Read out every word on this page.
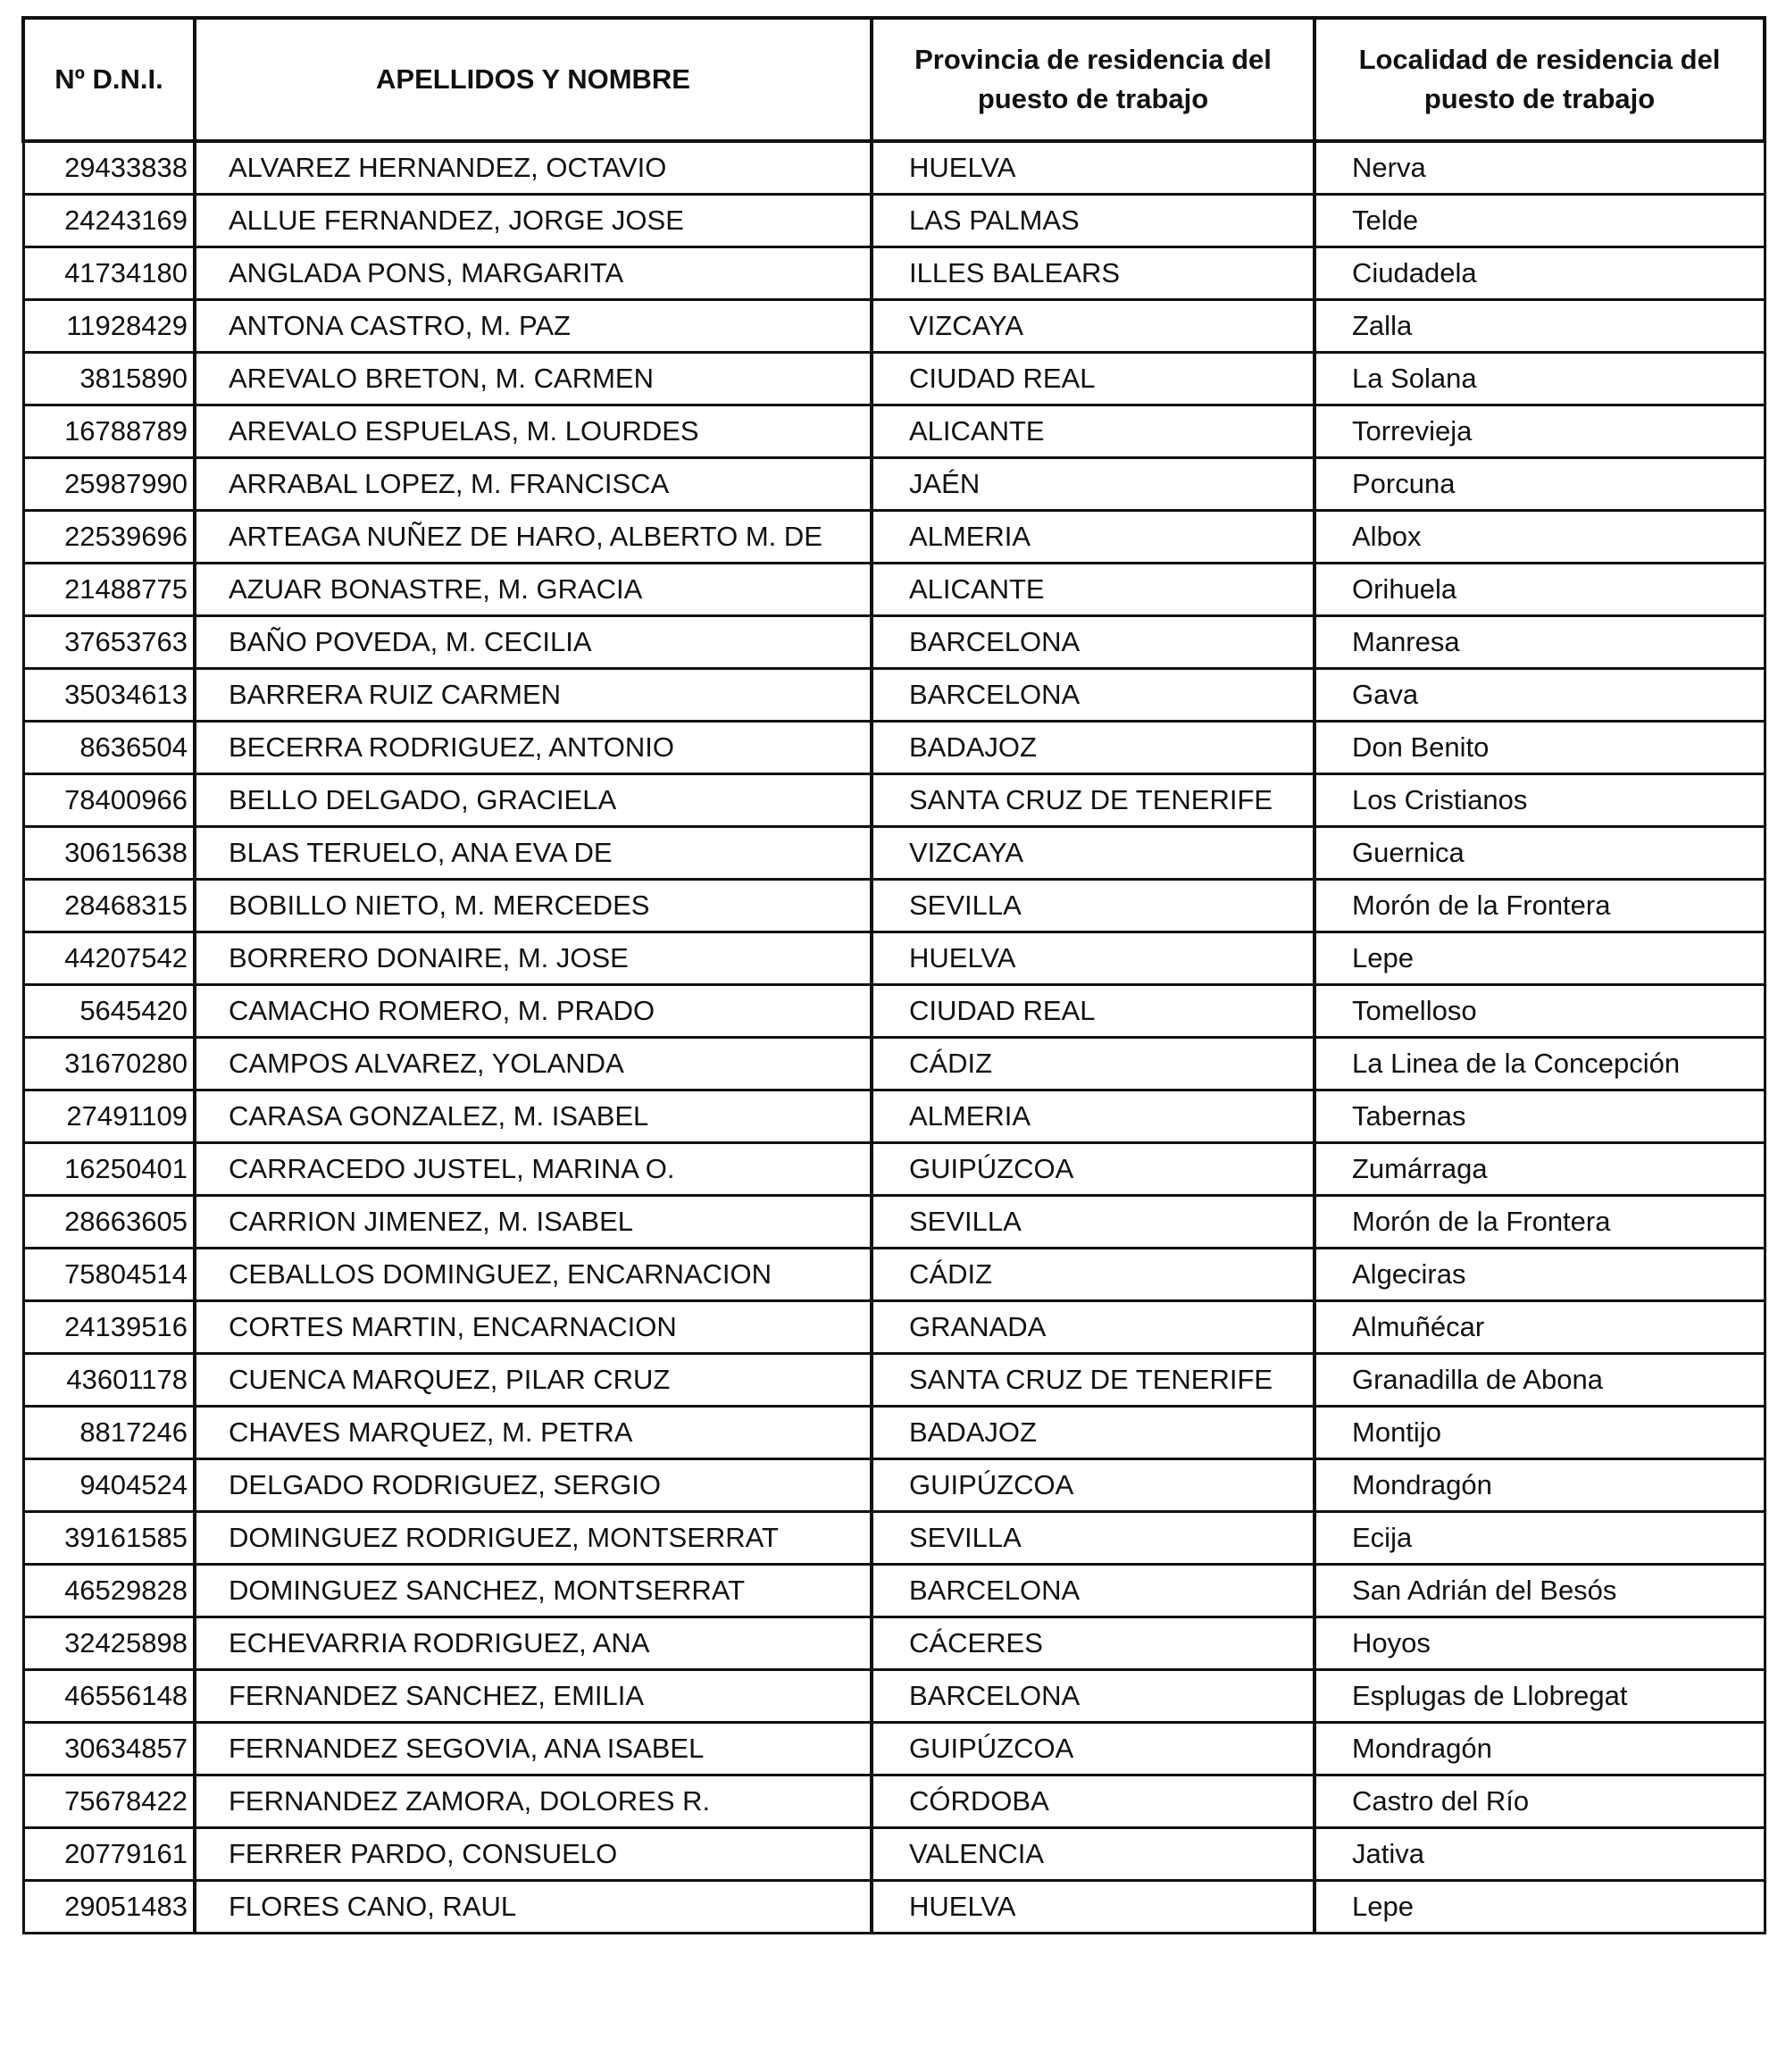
Nº D.N.I.	APELLIDOS Y NOMBRE	Provincia de residencia del puesto de trabajo	Localidad de residencia del puesto de trabajo
29433838	ALVAREZ HERNANDEZ, OCTAVIO	HUELVA	Nerva
24243169	ALLUE FERNANDEZ, JORGE JOSE	LAS PALMAS	Telde
41734180	ANGLADA PONS, MARGARITA	ILLES BALEARS	Ciudadela
11928429	ANTONA CASTRO, M. PAZ	VIZCAYA	Zalla
3815890	AREVALO BRETON, M. CARMEN	CIUDAD REAL	La Solana
16788789	AREVALO ESPUELAS, M. LOURDES	ALICANTE	Torrevieja
25987990	ARRABAL LOPEZ, M. FRANCISCA	JAÉN	Porcuna
22539696	ARTEAGA NUÑEZ DE HARO, ALBERTO M. DE	ALMERIA	Albox
21488775	AZUAR BONASTRE, M. GRACIA	ALICANTE	Orihuela
37653763	BAÑO POVEDA, M. CECILIA	BARCELONA	Manresa
35034613	BARRERA RUIZ CARMEN	BARCELONA	Gava
8636504	BECERRA RODRIGUEZ, ANTONIO	BADAJOZ	Don Benito
78400966	BELLO DELGADO, GRACIELA	SANTA CRUZ DE TENERIFE	Los Cristianos
30615638	BLAS TERUELO, ANA EVA DE	VIZCAYA	Guernica
28468315	BOBILLO NIETO, M. MERCEDES	SEVILLA	Morón de la Frontera
44207542	BORRERO DONAIRE, M. JOSE	HUELVA	Lepe
5645420	CAMACHO ROMERO, M. PRADO	CIUDAD REAL	Tomelloso
31670280	CAMPOS ALVAREZ, YOLANDA	CÁDIZ	La Linea de la Concepción
27491109	CARASA GONZALEZ, M. ISABEL	ALMERIA	Tabernas
16250401	CARRACEDO JUSTEL, MARINA O.	GUIPÚZCOA	Zumárraga
28663605	CARRION JIMENEZ, M. ISABEL	SEVILLA	Morón de la Frontera
75804514	CEBALLOS DOMINGUEZ, ENCARNACION	CÁDIZ	Algeciras
24139516	CORTES MARTIN, ENCARNACION	GRANADA	Almuñécar
43601178	CUENCA MARQUEZ, PILAR CRUZ	SANTA CRUZ DE TENERIFE	Granadilla de Abona
8817246	CHAVES MARQUEZ, M. PETRA	BADAJOZ	Montijo
9404524	DELGADO RODRIGUEZ, SERGIO	GUIPÚZCOA	Mondragón
39161585	DOMINGUEZ RODRIGUEZ, MONTSERRAT	SEVILLA	Ecija
46529828	DOMINGUEZ SANCHEZ, MONTSERRAT	BARCELONA	San Adrián del Besós
32425898	ECHEVARRIA RODRIGUEZ, ANA	CÁCERES	Hoyos
46556148	FERNANDEZ SANCHEZ, EMILIA	BARCELONA	Esplugas de Llobregat
30634857	FERNANDEZ SEGOVIA, ANA ISABEL	GUIPÚZCOA	Mondragón
75678422	FERNANDEZ ZAMORA, DOLORES R.	CÓRDOBA	Castro del Río
20779161	FERRER PARDO, CONSUELO	VALENCIA	Jativa
29051483	FLORES CANO, RAUL	HUELVA	Lepe
